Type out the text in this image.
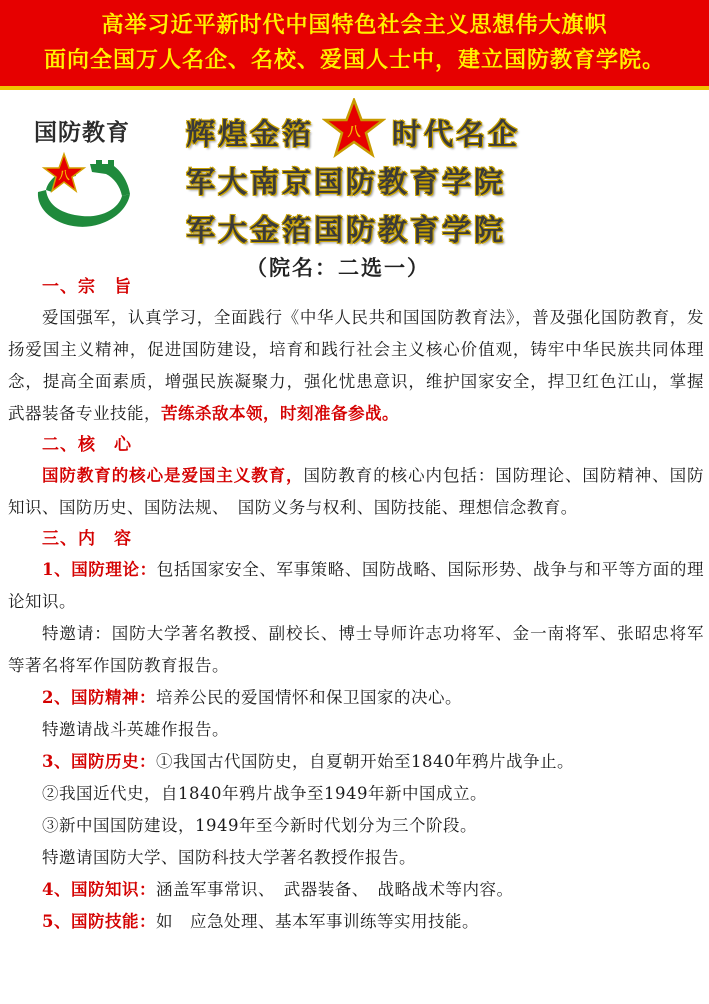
高举习近平新时代中国特色社会主义思想伟大旗帜
面向全国万人名企、名校、爱国人士中，建立国防教育学院。
国防教育
八
辉煌金箔	八 时代名企
军大南京国防教育学院
军大金箔国防教育学院
（院名：二选一）
一、宗　旨

爱国强军，认真学习，全面践行《中华人民共和国国防教育法》，普及强化国防教育，发扬爱国主义精神，促进国防建设，培育和践行社会主义核心价值观，铸牢中华民族共同体理念，提高全面素质，增强民族凝聚力，强化忧患意识，维护国家安全，捍卫红色江山，掌握武器装备专业技能，苦练杀敌本领，时刻准备参战。

二、核　心

国防教育的核心是爱国主义教育，国防教育的核心内包括：国防理论、国防精神、国防知识、国防历史、国防法规、　国防义务与权利、国防技能、理想信念教育。

三、内　容

1、国防理论：包括国家安全、军事策略、国防战略、国际形势、战争与和平等方面的理论知识。

特邀请：国防大学著名教授、副校长、博士导师许志功将军、金一南将军、张昭忠将军等著名将军作国防教育报告。

2、国防精神：培养公民的爱国情怀和保卫国家的决心。

特邀请战斗英雄作报告。

3、国防历史：①我国古代国防史，自夏朝开始至1840年鸦片战争止。

②我国近代史，自1840年鸦片战争至1949年新中国成立。

③新中国国防建设，1949年至今新时代划分为三个阶段。

特邀请国防大学、国防科技大学著名教授作报告。

4、国防知识：涵盖军事常识、　武器装备、　战略战术等内容。

5、国防技能：如　应急处理、基本军事训练等实用技能。
